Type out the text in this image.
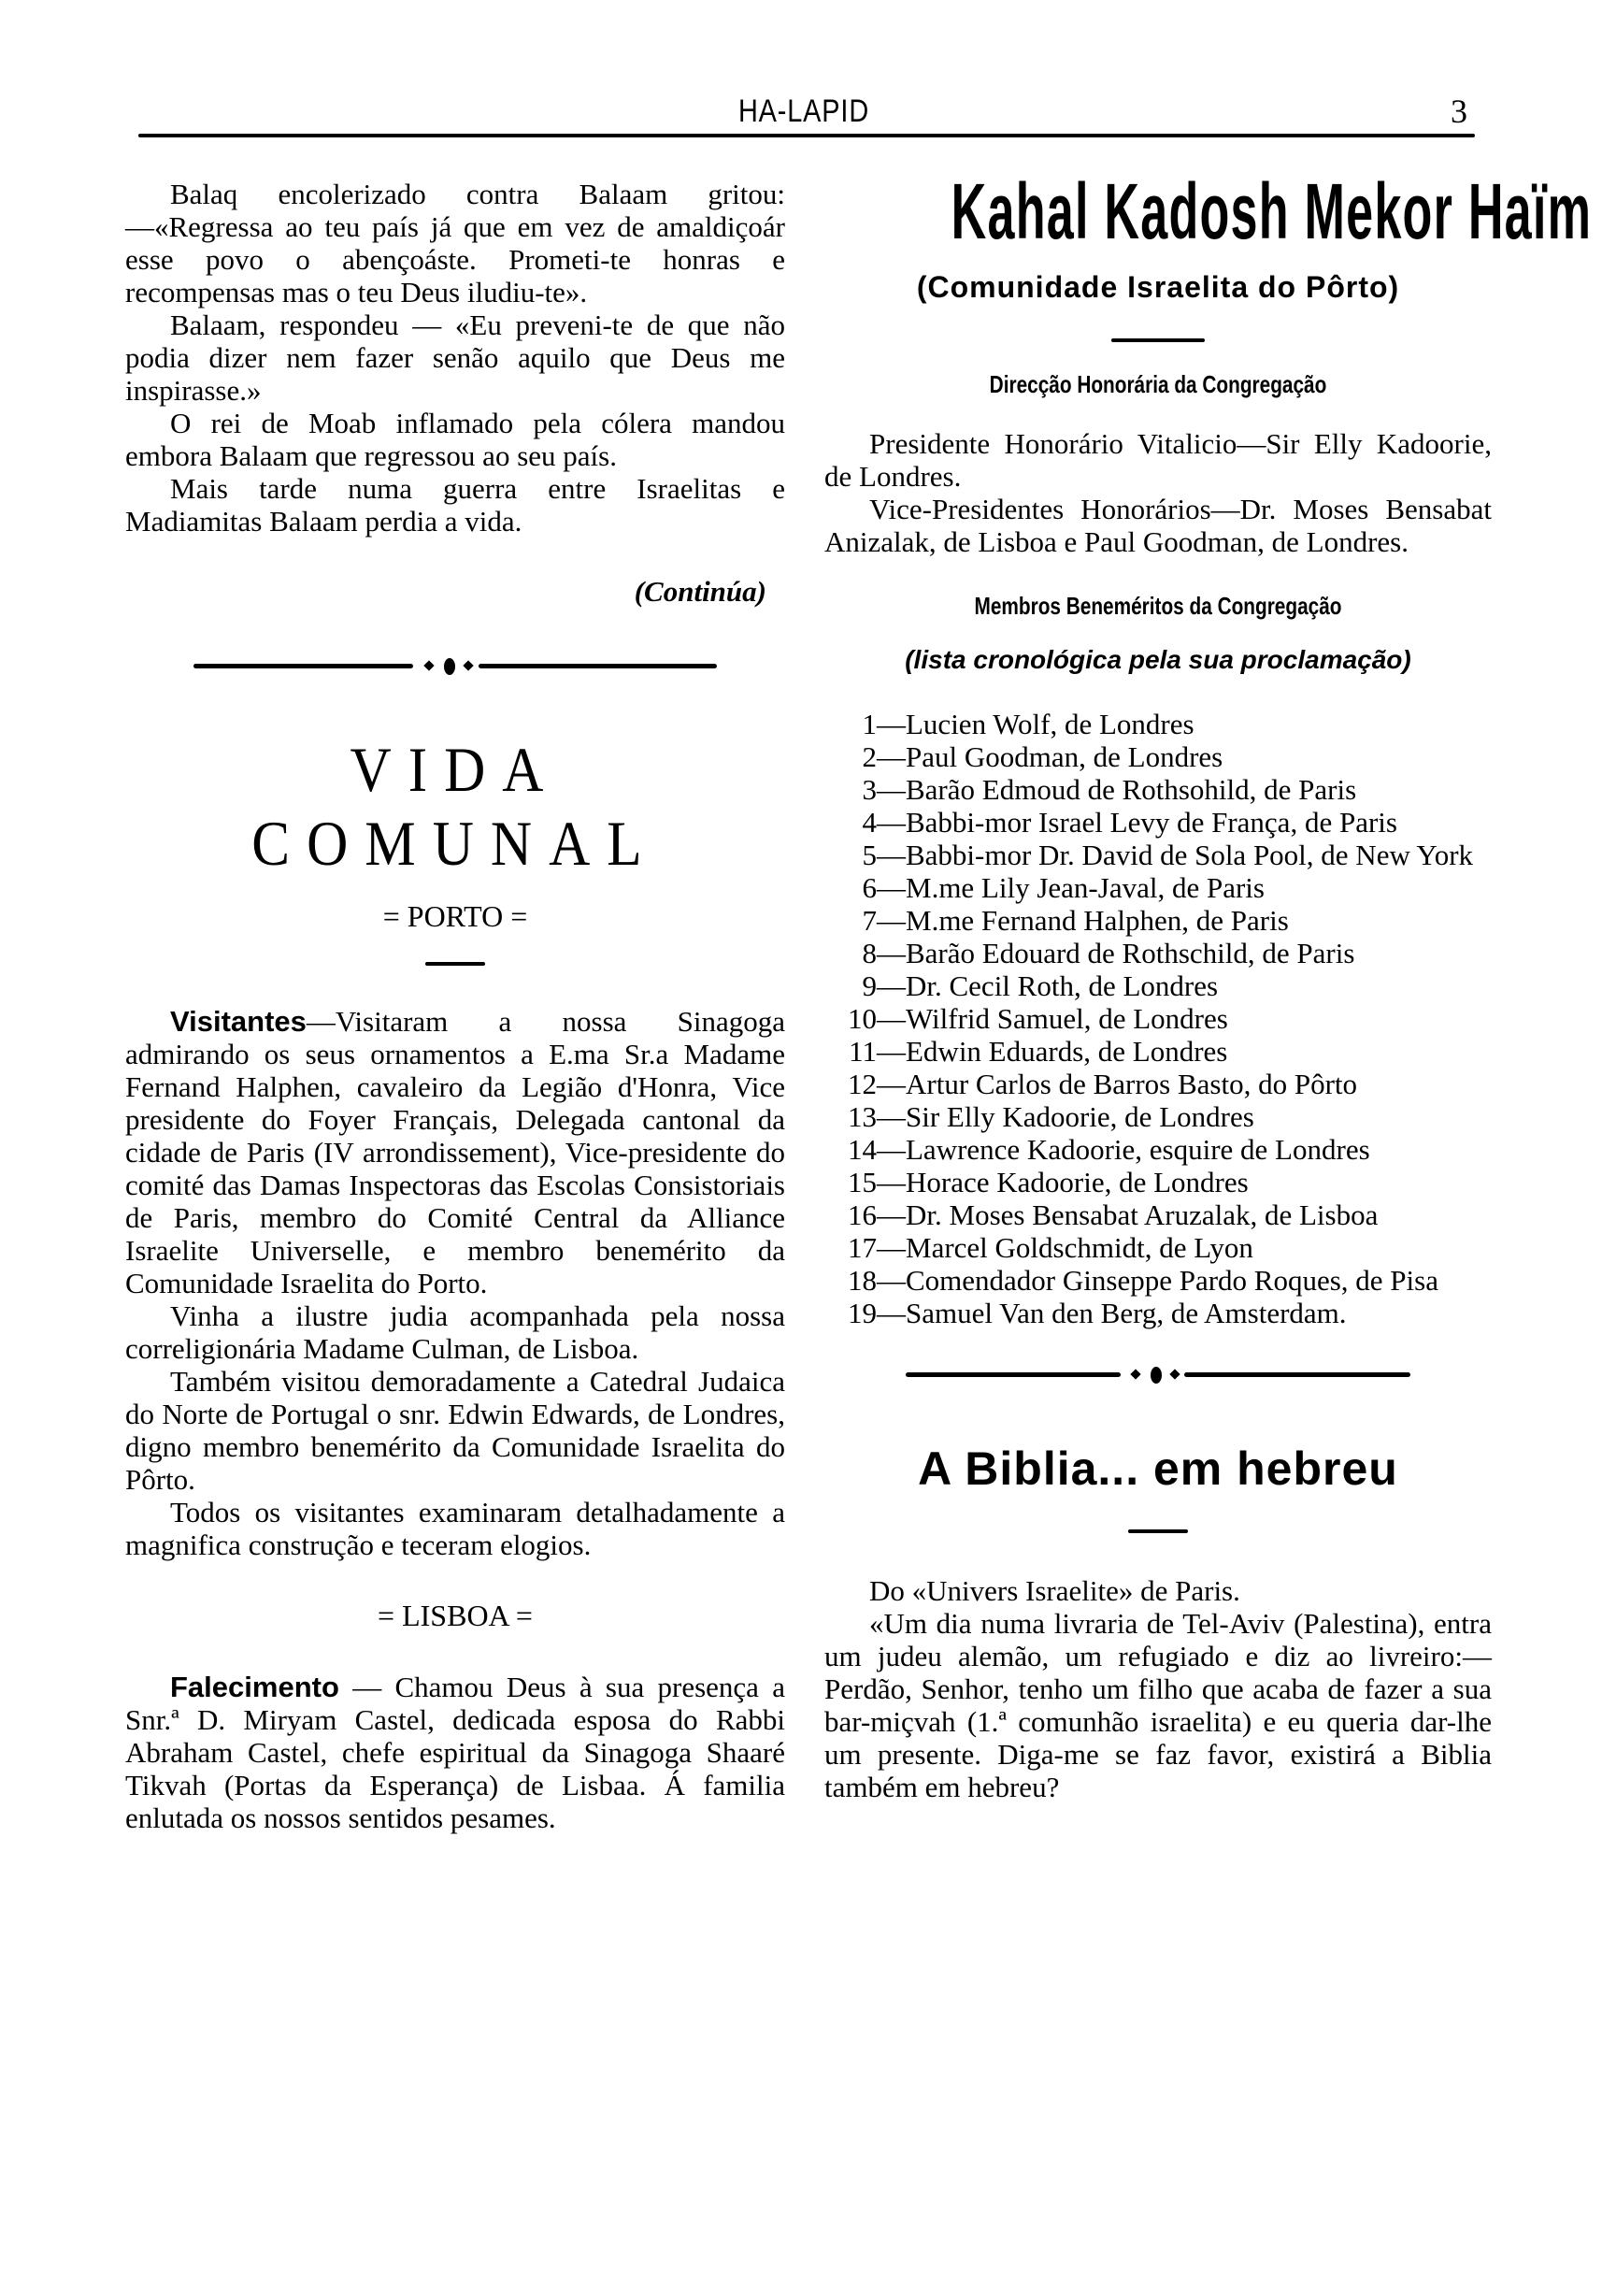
HA-LAPID	3

Balaq encolerizado contra Balaam gritou: —«Regressa ao teu país já que em vez de amaldiçoár esse povo o abençoáste. Prometi-te honras e recompensas mas o teu Deus iludiu-te».

Balaam, respondeu — «Eu preveni-te de que não podia dizer nem fazer senão aquilo que Deus me inspirasse.»

O rei de Moab inflamado pela cólera mandou embora Balaam que regressou ao seu país.

Mais tarde numa guerra entre Israelitas e Madiamitas Balaam perdia a vida.

(Continúa)
VIDA COMUNAL
= PORTO =

Visitantes—Visitaram a nossa Sinagoga admirando os seus ornamentos a E.ma Sr.a Madame Fernand Halphen, cavaleiro da Legião d'Honra, Vice presidente do Foyer Français, Delegada cantonal da cidade de Paris (IV arrondissement), Vice-presidente do comité das Damas Inspectoras das Escolas Consistoriais de Paris, membro do Comité Central da Alliance Israelite Universelle, e membro benemérito da Comunidade Israelita do Porto.

Vinha a ilustre judia acompanhada pela nossa correligionária Madame Culman, de Lisboa.

Também visitou demoradamente a Catedral Judaica do Norte de Portugal o snr. Edwin Edwards, de Londres, digno membro benemérito da Comunidade Israelita do Pôrto.

Todos os visitantes examinaram detalhadamente a magnifica construção e teceram elogios.

= LISBOA =

Falecimento — Chamou Deus à sua presença a Snr.ª D. Miryam Castel, dedicada esposa do Rabbi Abraham Castel, chefe espiritual da Sinagoga Shaaré Tikvah (Portas da Esperança) de Lisbaa. Á familia enlutada os nossos sentidos pesames.

Kahal Kadosh Mekor Haïm
(Comunidade Israelita do Pôrto)
Direcção Honorária da Congregação

Presidente Honorário Vitalicio—Sir Elly Kadoorie, de Londres.

Vice-Presidentes Honorários—Dr. Moses Bensabat Anizalak, de Lisboa e Paul Goodman, de Londres.

Membros Beneméritos da Congregação
(lista cronológica pela sua proclamação)
1 — Lucien Wolf, de Londres
2 — Paul Goodman, de Londres
3 — Barão Edmoud de Rothsohild, de Paris
4 — Babbi-mor Israel Levy de França, de Paris
5 — Babbi-mor Dr. David de Sola Pool, de New York
6 — M.me Lily Jean-Javal, de Paris
7 — M.me Fernand Halphen, de Paris
8 — Barão Edouard de Rothschild, de Paris
9 — Dr. Cecil Roth, de Londres
10 — Wilfrid Samuel, de Londres
11 — Edwin Eduards, de Londres
12 — Artur Carlos de Barros Basto, do Pôrto
13 — Sir Elly Kadoorie, de Londres
14 — Lawrence Kadoorie, esquire de Londres
15 — Horace Kadoorie, de Londres
16 — Dr. Moses Bensabat Aruzalak, de Lisboa
17 — Marcel Goldschmidt, de Lyon
18 — Comendador Ginseppe Pardo Roques, de Pisa
19 — Samuel Van den Berg, de Amsterdam.
A Biblia... em hebreu

Do «Univers Israelite» de Paris.

«Um dia numa livraria de Tel-Aviv (Palestina), entra um judeu alemão, um refugiado e diz ao livreiro:—Perdão, Senhor, tenho um filho que acaba de fazer a sua bar-miçvah (1.ª comunhão israelita) e eu queria dar-lhe um presente. Diga-me se faz favor, existirá a Biblia também em hebreu?
